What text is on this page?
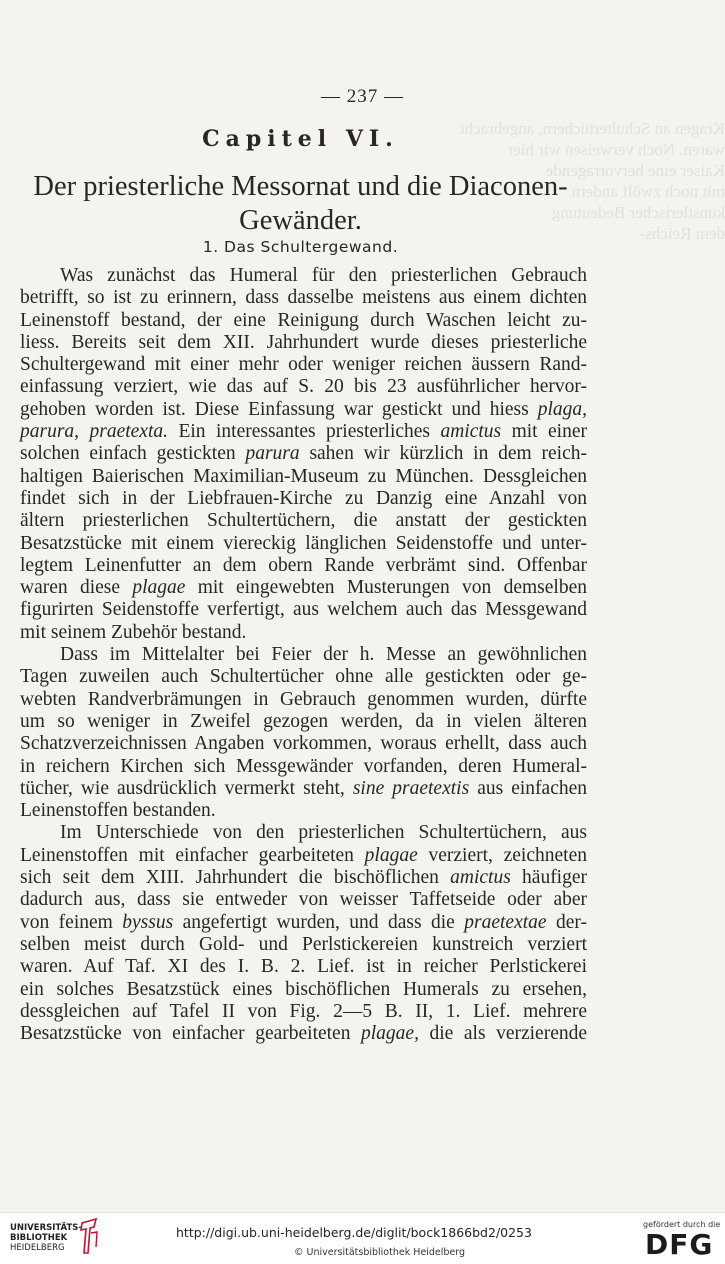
Kragen an Schultertüchern, angebracht
waren. Noch verweisen wir hier
Kaiser eine hervorragende
mit noch zwölf andern
künstlerischer Bedeutung
dem Reichs-

— 237 —
Capitel VI.
Der priesterliche Messornat und die Diaconen-
Gewänder.
1. Das Schultergewand.

Was zunächst das Humeral für den priesterlichen Gebrauch
betrifft, so ist zu erinnern, dass dasselbe meistens aus einem dichten
Leinenstoff bestand, der eine Reinigung durch Waschen leicht zu-
liess. Bereits seit dem XII. Jahrhundert wurde dieses priesterliche
Schultergewand mit einer mehr oder weniger reichen äussern Rand-
einfassung verziert, wie das auf S. 20 bis 23 ausführlicher hervor-
gehoben worden ist. Diese Einfassung war gestickt und hiess plaga,
parura, praetexta. Ein interessantes priesterliches amictus mit einer
solchen einfach gestickten parura sahen wir kürzlich in dem reich-
haltigen Baierischen Maximilian-Museum zu München. Dessgleichen
findet sich in der Liebfrauen-Kirche zu Danzig eine Anzahl von
ältern priesterlichen Schultertüchern, die anstatt der gestickten
Besatzstücke mit einem viereckig länglichen Seidenstoffe und unter-
legtem Leinenfutter an dem obern Rande verbrämt sind. Offenbar
waren diese plagae mit eingewebten Musterungen von demselben
figurirten Seidenstoffe verfertigt, aus welchem auch das Messgewand
mit seinem Zubehör bestand.

Dass im Mittelalter bei Feier der h. Messe an gewöhnlichen
Tagen zuweilen auch Schultertücher ohne alle gestickten oder ge-
webten Randverbrämungen in Gebrauch genommen wurden, dürfte
um so weniger in Zweifel gezogen werden, da in vielen älteren
Schatzverzeichnissen Angaben vorkommen, woraus erhellt, dass auch
in reichern Kirchen sich Messgewänder vorfanden, deren Humeral-
tücher, wie ausdrücklich vermerkt steht, sine praetextis aus einfachen
Leinenstoffen bestanden.

Im Unterschiede von den priesterlichen Schultertüchern, aus
Leinenstoffen mit einfacher gearbeiteten plagae verziert, zeichneten
sich seit dem XIII. Jahrhundert die bischöflichen amictus häufiger
dadurch aus, dass sie entweder von weisser Taffetseide oder aber
von feinem byssus angefertigt wurden, und dass die praetextae der-
selben meist durch Gold- und Perlstickereien kunstreich verziert
waren. Auf Taf. XI des I. B. 2. Lief. ist in reicher Perlstickerei
ein solches Besatzstück eines bischöflichen Humerals zu ersehen,
dessgleichen auf Tafel II von Fig. 2—5 B. II, 1. Lief. mehrere
Besatzstücke von einfacher gearbeiteten plagae, die als verzierende

UNIVERSITÄTS-
BIBLIOTHEK
HEIDELBERG
http://digi.ub.uni-heidelberg.de/diglit/bock1866bd2/0253
© Universitätsbibliothek Heidelberg
gefördert durch die
DFG
